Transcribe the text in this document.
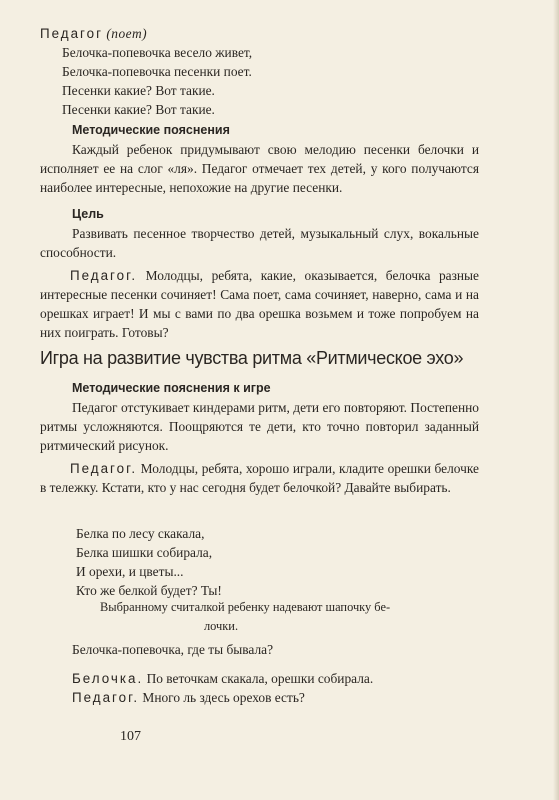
Педагог (поет)
Белочка-попевочка весело живет,
Белочка-попевочка песенки поет.
Песенки какие? Вот такие.
Песенки какие? Вот такие.
Методические пояснения
Каждый ребенок придумывают свою мелодию песенки белочки и исполняет ее на слог «ля». Педагог отмечает тех детей, у кого получаются наиболее интересные, непохожие на другие песенки.
Цель
Развивать песенное творчество детей, музыкальный слух, вокальные способности.
Педагог. Молодцы, ребята, какие, оказывается, белочка разные интересные песенки сочиняет! Сама поет, сама сочиняет, наверно, сама и на орешках играет! И мы с вами по два орешка возьмем и тоже попробуем на них поиграть. Готовы?
Игра на развитие чувства ритма «Ритмическое эхо»
Методические пояснения к игре
Педагог отстукивает киндерами ритм, дети его повторяют. Постепенно ритмы усложняются. Поощряются те дети, кто точно повторил заданный ритмический рисунок.
Педагог. Молодцы, ребята, хорошо играли, кладите орешки белочке в тележку. Кстати, кто у нас сегодня будет белочкой? Давайте выбирать.
Белка по лесу скакала,
Белка шишки собирала,
И орехи, и цветы...
Кто же белкой будет? Ты!
Выбранному считалкой ребенку надевают шапочку бе-
лочки.
Белочка-попевочка, где ты бывала?
Белочка. По веточкам скакала, орешки собирала.
Педагог. Много ль здесь орехов есть?
107
